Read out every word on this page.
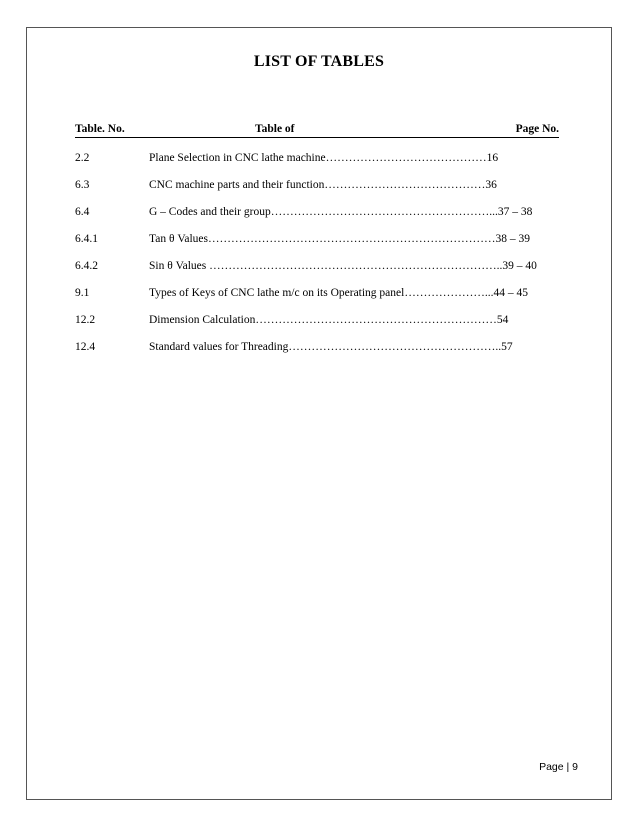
LIST OF TABLES
Table. No.	Table of	Page No.
2.2	Plane Selection in CNC lathe machine……………………………………16
6.3	CNC machine parts and their function……………………………………36
6.4	G – Codes and their group…………………………………………………...37 – 38
6.4.1	Tan θ Values…………………………………………………………………38 – 39
6.4.2	Sin θ Values …………………………………………………………………..39 – 40
9.1	Types of Keys of CNC lathe m/c on its Operating panel…………………...44 – 45
12.2	Dimension Calculation………………………………………………………54
12.4	Standard values for Threading………………………………………………..57
Page | 9
